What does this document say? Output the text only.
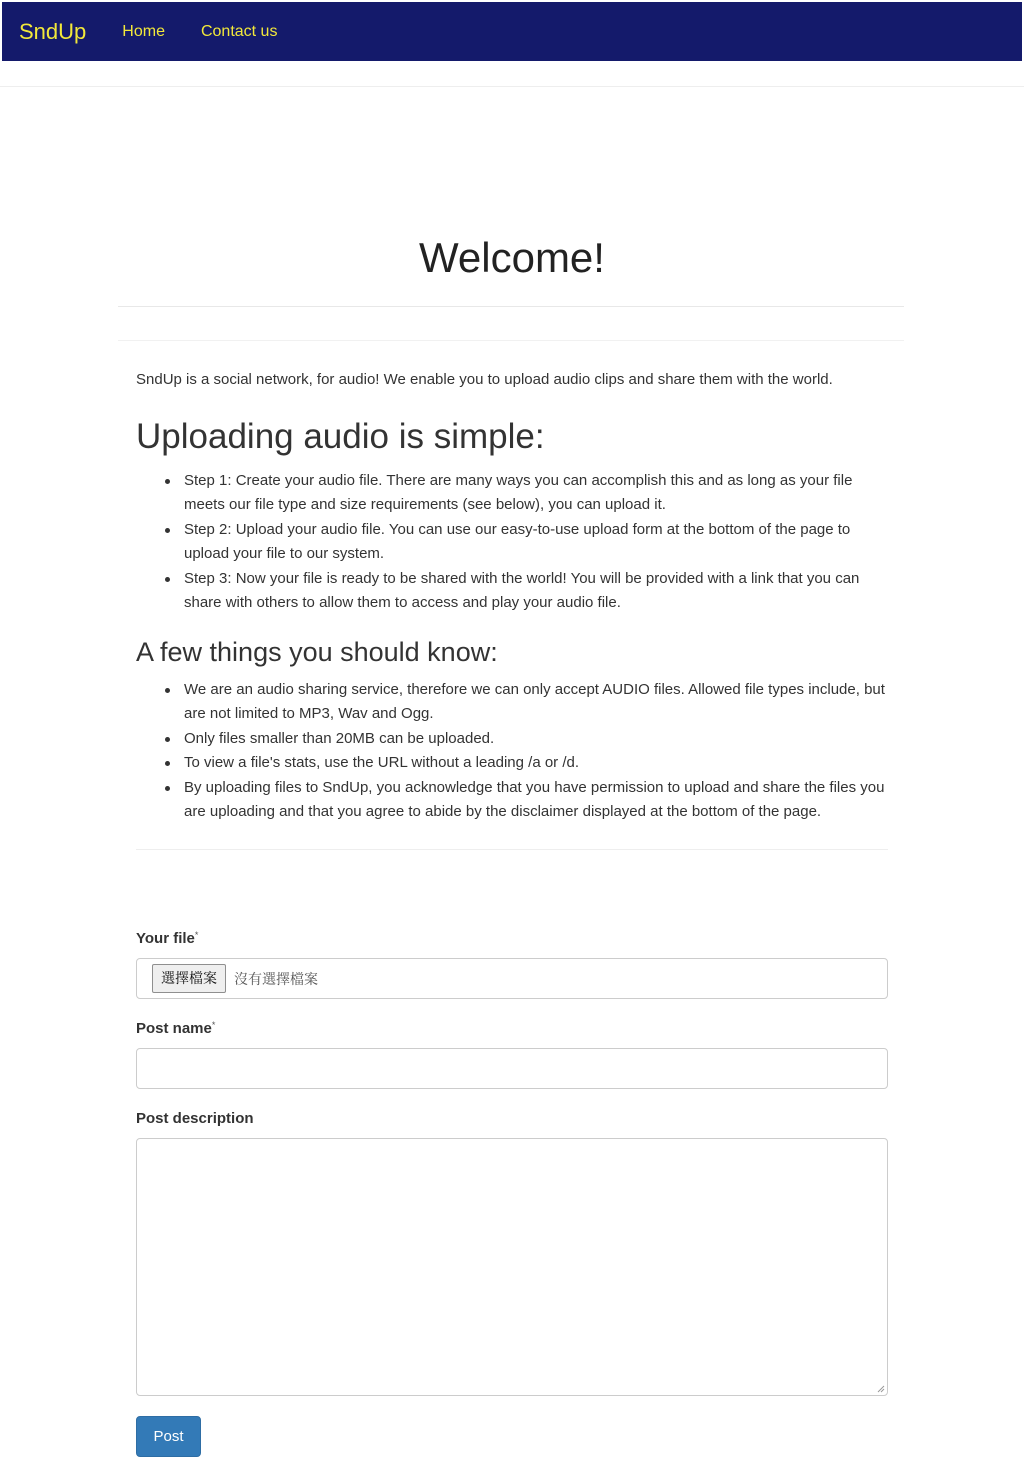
SndUp Home Contact us
Welcome!

SndUp is a social network, for audio! We enable you to upload audio clips and share them with the world.

Uploading audio is simple:
Step 1: Create your audio file. There are many ways you can accomplish this and as long as your file meets our file type and size requirements (see below), you can upload it.
Step 2: Upload your audio file. You can use our easy-to-use upload form at the bottom of the page to upload your file to our system.
Step 3: Now your file is ready to be shared with the world! You will be provided with a link that you can share with others to allow them to access and play your audio file.
A few things you should know:
We are an audio sharing service, therefore we can only accept AUDIO files. Allowed file types include, but are not limited to MP3, Wav and Ogg.
Only files smaller than 20MB can be uploaded.
To view a file's stats, use the URL without a leading /a or /d.
By uploading files to SndUp, you acknowledge that you have permission to upload and share the files you are uploading and that you agree to abide by the disclaimer displayed at the bottom of the page.
Your file*
選擇檔案	沒有選擇檔案
Post name*
Post description
Post
